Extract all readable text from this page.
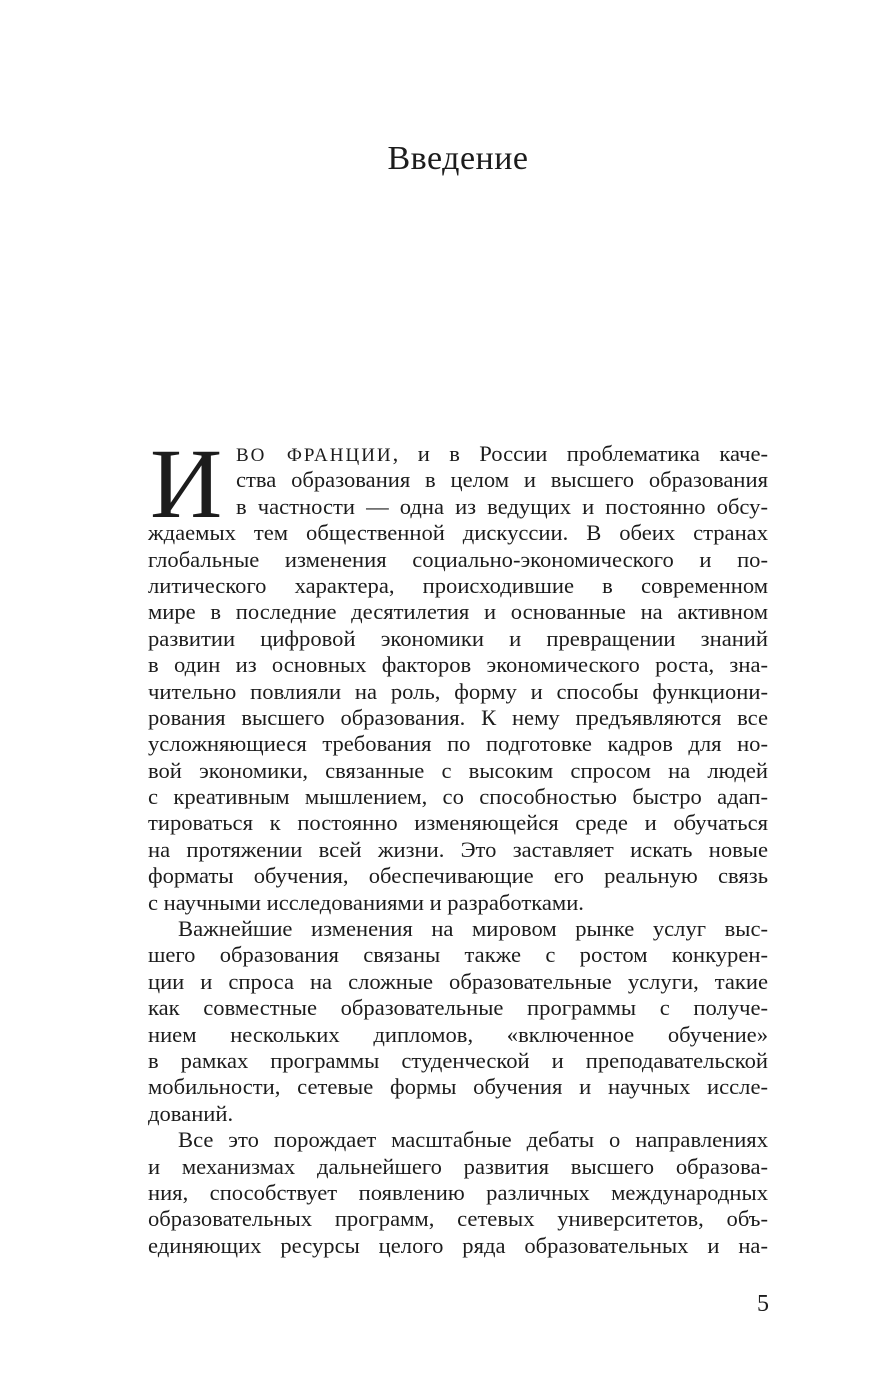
Введение
И ВО ФРАНЦИИ, и в России проблематика каче-
ства образования в целом и высшего образования
в частности — одна из ведущих и постоянно обсу-
ждаемых тем общественной дискуссии. В обеих странах
глобальные изменения социально-экономического и по-
литического характера, происходившие в современном
мире в последние десятилетия и основанные на активном
развитии цифровой экономики и превращении знаний
в один из основных факторов экономического роста, зна-
чительно повлияли на роль, форму и способы функциони-
рования высшего образования. К нему предъявляются все
усложняющиеся требования по подготовке кадров для но-
вой экономики, связанные с высоким спросом на людей
с креативным мышлением, со способностью быстро адап-
тироваться к постоянно изменяющейся среде и обучаться
на протяжении всей жизни. Это заставляет искать новые
форматы обучения, обеспечивающие его реальную связь
с научными исследованиями и разработками.
Важнейшие изменения на мировом рынке услуг выс-
шего образования связаны также с ростом конкурен-
ции и спроса на сложные образовательные услуги, такие
как совместные образовательные программы с получе-
нием нескольких дипломов, «включенное обучение»
в рамках программы студенческой и преподавательской
мобильности, сетевые формы обучения и научных иссле-
дований.
Все это порождает масштабные дебаты о направлениях
и механизмах дальнейшего развития высшего образова-
ния, способствует появлению различных международных
образовательных программ, сетевых университетов, объ-
единяющих ресурсы целого ряда образовательных и на-
5
